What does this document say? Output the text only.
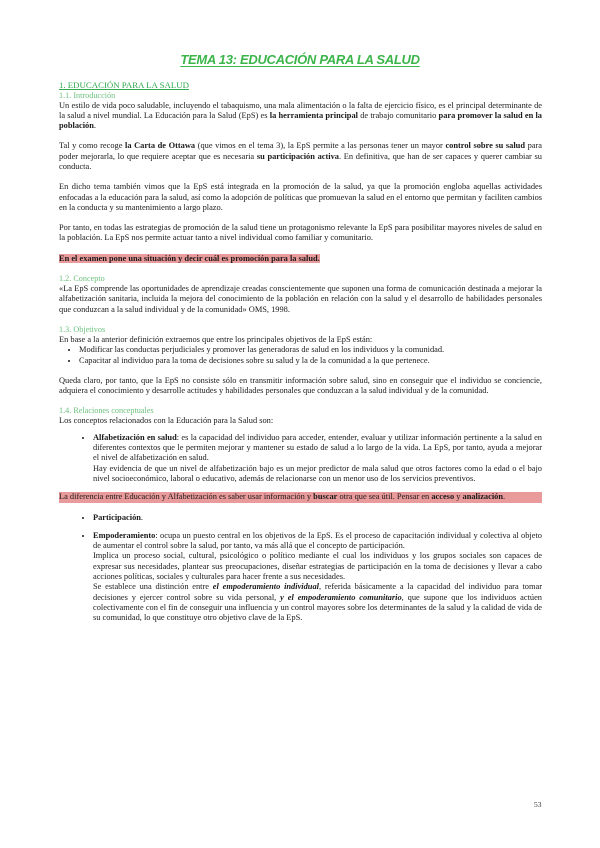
TEMA 13: EDUCACIÓN PARA LA SALUD
1. EDUCACIÓN PARA LA SALUD
1.1. Introducción

Un estilo de vida poco saludable, incluyendo el tabaquismo, una mala alimentación o la falta de ejercicio físico, es el principal determinante de la salud a nivel mundial. La Educación para la Salud (EpS) es la herramienta principal de trabajo comunitario para promover la salud en la población.

Tal y como recoge la Carta de Ottawa (que vimos en el tema 3), la EpS permite a las personas tener un mayor control sobre su salud para poder mejorarla, lo que requiere aceptar que es necesaria su participación activa. En definitiva, que han de ser capaces y querer cambiar su conducta.

En dicho tema también vimos que la EpS está integrada en la promoción de la salud, ya que la promoción engloba aquellas actividades enfocadas a la educación para la salud, así como la adopción de políticas que promuevan la salud en el entorno que permitan y faciliten cambios en la conducta y su mantenimiento a largo plazo.

Por tanto, en todas las estrategias de promoción de la salud tiene un protagonismo relevante la EpS para posibilitar mayores niveles de salud en la población. La EpS nos permite actuar tanto a nivel individual como familiar y comunitario.

En el examen pone una situación y decir cuál es promoción para la salud.

1.2. Concepto

«La EpS comprende las oportunidades de aprendizaje creadas conscientemente que suponen una forma de comunicación destinada a mejorar la alfabetización sanitaria, incluida la mejora del conocimiento de la población en relación con la salud y el desarrollo de habilidades personales que conduzcan a la salud individual y de la comunidad» OMS, 1998.

1.3. Objetivos

En base a la anterior definición extraemos que entre los principales objetivos de la EpS están:

• Modificar las conductas perjudiciales y promover las generadoras de salud en los individuos y la comunidad.
• Capacitar al individuo para la toma de decisiones sobre su salud y la de la comunidad a la que pertenece.

Queda claro, por tanto, que la EpS no consiste sólo en transmitir información sobre salud, sino en conseguir que el individuo se conciencie, adquiera el conocimiento y desarrolle actitudes y habilidades personales que conduzcan a la salud individual y de la comunidad.

1.4. Relaciones conceptuales

Los conceptos relacionados con la Educación para la Salud son:

• Alfabetización en salud: es la capacidad del individuo para acceder, entender, evaluar y utilizar información pertinente a la salud en diferentes contextos que le permiten mejorar y mantener su estado de salud a lo largo de la vida. La EpS, por tanto, ayuda a mejorar el nivel de alfabetización en salud.

Hay evidencia de que un nivel de alfabetización bajo es un mejor predictor de mala salud que otros factores como la edad o el bajo nivel socioeconómico, laboral o educativo, además de relacionarse con un menor uso de los servicios preventivos.

La diferencia entre Educación y Alfabetización es saber usar información y buscar otra que sea útil. Pensar en acceso y analización.

• Participación.

• Empoderamiento: ocupa un puesto central en los objetivos de la EpS. Es el proceso de capacitación individual y colectiva al objeto de aumentar el control sobre la salud, por tanto, va más allá que el concepto de participación.

Implica un proceso social, cultural, psicológico o político mediante el cual los individuos y los grupos sociales son capaces de expresar sus necesidades, plantear sus preocupaciones, diseñar estrategias de participación en la toma de decisiones y llevar a cabo acciones políticas, sociales y culturales para hacer frente a sus necesidades.

Se establece una distinción entre el empoderamiento individual, referida básicamente a la capacidad del individuo para tomar decisiones y ejercer control sobre su vida personal, y el empoderamiento comunitario, que supone que los individuos actúen colectivamente con el fin de conseguir una influencia y un control mayores sobre los determinantes de la salud y la calidad de vida de su comunidad, lo que constituye otro objetivo clave de la EpS.

53
